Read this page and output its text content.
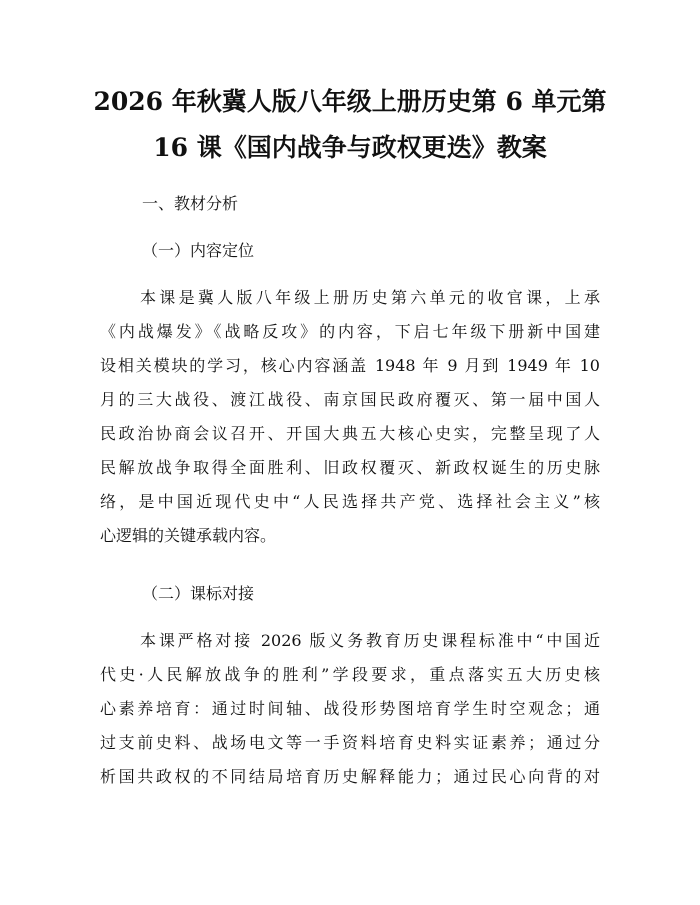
2026 年秋冀人版八年级上册历史第 6 单元第
16 课《国内战争与政权更迭》教案
一、教材分析
（一）内容定位
本课是冀人版八年级上册历史第六单元的收官课，上承
《内战爆发》《战略反攻》的内容，下启七年级下册新中国建
设相关模块的学习，核心内容涵盖 1948 年 9 月到 1949 年 10
月的三大战役、渡江战役、南京国民政府覆灭、第一届中国人
民政治协商会议召开、开国大典五大核心史实，完整呈现了人
民解放战争取得全面胜利、旧政权覆灭、新政权诞生的历史脉
络，是中国近现代史中“人民选择共产党、选择社会主义”核
心逻辑的关键承载内容。
（二）课标对接
本课严格对接 2026 版义务教育历史课程标准中“中国近
代史·人民解放战争的胜利”学段要求，重点落实五大历史核
心素养培育：通过时间轴、战役形势图培育学生时空观念；通
过支前史料、战场电文等一手资料培育史料实证素养；通过分
析国共政权的不同结局培育历史解释能力；通过民心向背的对
